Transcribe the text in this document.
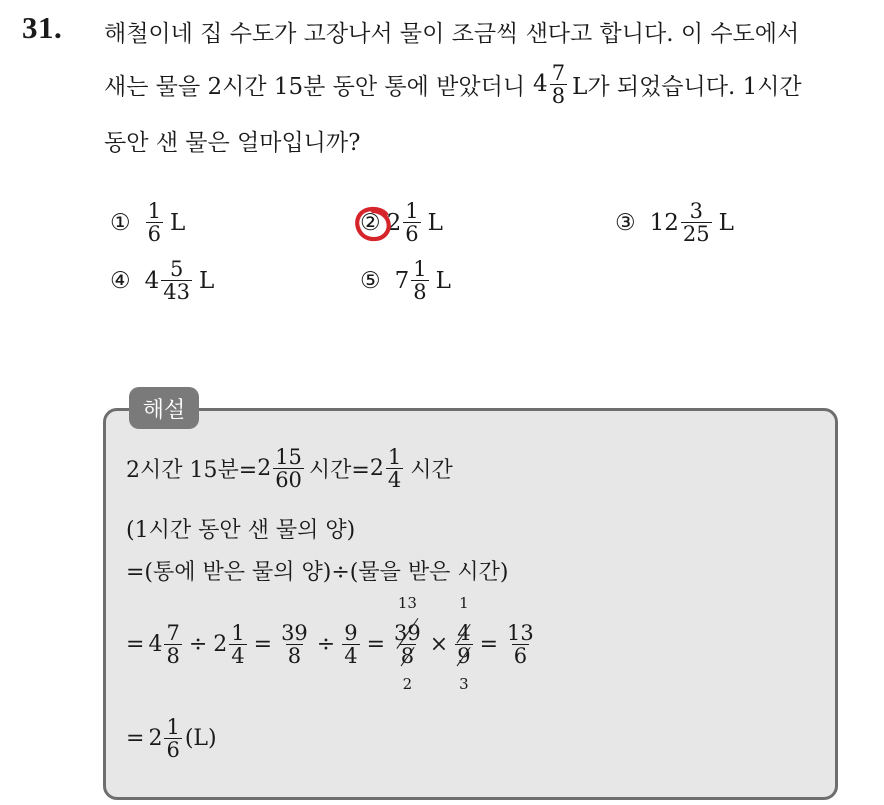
31. 해철이네 집 수도가 고장나서 물이 조금씩 샌다고 합니다. 이 수도에서
새는 물을 2시간 15분 동안 통에 받았더니 $4 \frac{7}{8}$ L가 되었습니다. 1시간
동안 샌 물은 얼마입니까?
① $\frac{1}{6}$ L	② $2 \frac{1}{6}$ L	③ $12 \frac{3}{25}$ L
④ $4 \frac{5}{43}$ L	⑤ $7 \frac{1}{8}$ L
해설
2시간 15분= $2 \frac{15}{60}$ 시간= $2 \frac{1}{4}$ 시간
(1시간 동안 샌 물의 양)
=(통에 받은 물의 양)÷(물을 받은 시간)
= $4 \frac{7}{8} \div 2 \frac{1}{4} = \frac{39}{8} \div \frac{9}{4} = 39$
13
8
2 × 4
1
9
$3 = \frac{13}{6}$
= $2 \frac{1}{6} (L)$
